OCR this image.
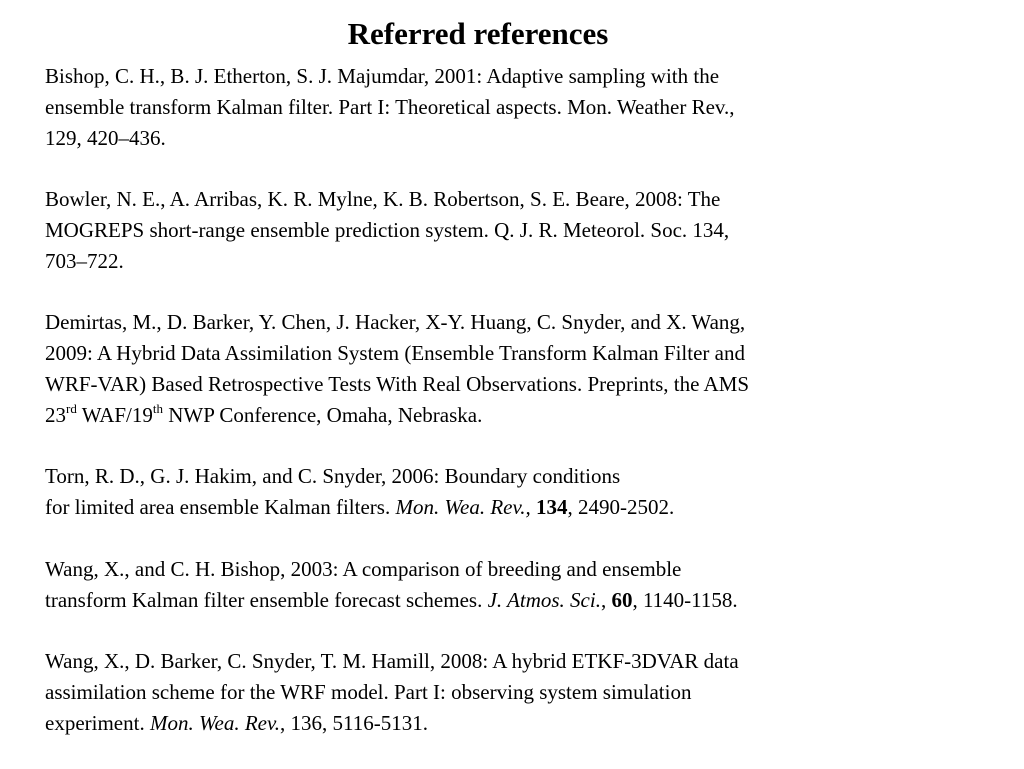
Referred references
Bishop, C. H., B. J. Etherton, S. J. Majumdar, 2001: Adaptive sampling with the
ensemble transform Kalman filter. Part I: Theoretical aspects. Mon. Weather Rev.,
129, 420–436.
Bowler, N. E., A. Arribas, K. R. Mylne, K. B. Robertson, S. E. Beare, 2008: The
MOGREPS short-range ensemble prediction system. Q. J. R. Meteorol. Soc. 134,
703–722.
Demirtas, M., D. Barker, Y. Chen, J. Hacker, X-Y. Huang, C. Snyder, and X. Wang,
2009: A Hybrid Data Assimilation System (Ensemble Transform Kalman Filter and
WRF-VAR) Based Retrospective Tests With Real Observations. Preprints, the AMS
23rd WAF/19th NWP Conference, Omaha, Nebraska.
Torn, R. D., G. J. Hakim, and C. Snyder, 2006: Boundary conditions
for limited area ensemble Kalman filters. Mon. Wea. Rev., 134, 2490-2502.
Wang, X., and C. H. Bishop, 2003: A comparison of breeding and ensemble
transform Kalman filter ensemble forecast schemes. J. Atmos. Sci., 60, 1140-1158.
Wang, X., D. Barker, C. Snyder, T. M. Hamill, 2008: A hybrid ETKF-3DVAR data
assimilation scheme for the WRF model. Part I: observing system simulation
experiment. Mon. Wea. Rev., 136, 5116-5131.
